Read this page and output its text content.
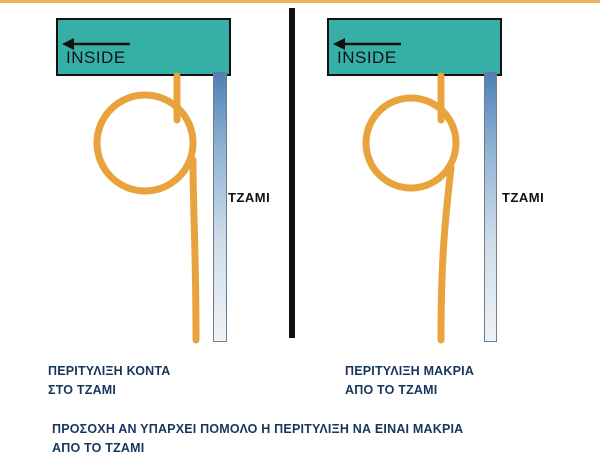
INSIDE
TZAMI
ΠΕΡΙΤΥΛΙΞΗ ΚΟΝΤΑ
ΣΤΟ ΤΖΑΜΙ
INSIDE
TZAMI
ΠΕΡΙΤΥΛΙΞΗ ΜΑΚΡΙΑ
ΑΠΟ ΤΟ ΤΖΑΜΙ
ΠΡΟΣΟΧΗ ΑΝ ΥΠΑΡΧΕΙ ΠΟΜΟΛΟ Η ΠΕΡΙΤΥΛΙΞΗ ΝΑ ΕΙΝΑΙ ΜΑΚΡΙΑ
ΑΠΟ ΤΟ ΤΖΑΜΙ
